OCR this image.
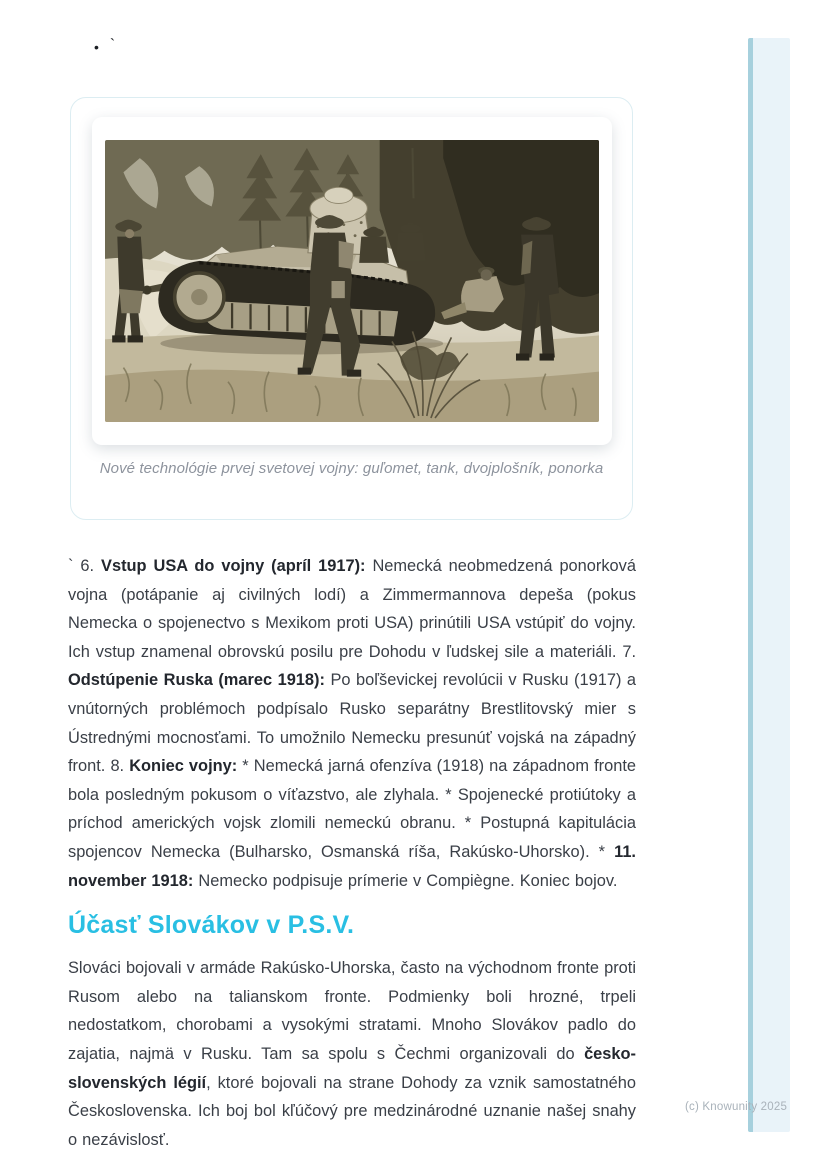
• `
Nové technológie prvej svetovej vojny: guľomet, tank, dvojplošník, ponorka

` 6. Vstup USA do vojny (apríl 1917): Nemecká neobmedzená ponorková vojna (potápanie aj civilných lodí) a Zimmermannova depeša (pokus Nemecka o spojenectvo s Mexikom proti USA) prinútili USA vstúpiť do vojny. Ich vstup znamenal obrovskú posilu pre Dohodu v ľudskej sile a materiáli. 7. Odstúpenie Ruska (marec 1918): Po boľševickej revolúcii v Rusku (1917) a vnútorných problémoch podpísalo Rusko separátny Brestlitovský mier s Ústrednými mocnosťami. To umožnilo Nemecku presunúť vojská na západný front. 8. Koniec vojny: * Nemecká jarná ofenzíva (1918) na západnom fronte bola posledným pokusom o víťazstvo, ale zlyhala. * Spojenecké protiútoky a príchod amerických vojsk zlomili nemeckú obranu. * Postupná kapitulácia spojencov Nemecka (Bulharsko, Osmanská ríša, Rakúsko-Uhorsko). * 11. november 1918: Nemecko podpisuje prímerie v Compiègne. Koniec bojov.

Účasť Slovákov v P.S.V.

Slováci bojovali v armáde Rakúsko-Uhorska, často na východnom fronte proti Rusom alebo na talianskom fronte. Podmienky boli hrozné, trpeli nedostatkom, chorobami a vysokými stratami. Mnoho Slovákov padlo do zajatia, najmä v Rusku. Tam sa spolu s Čechmi organizovali do česko-slovenských légií, ktoré bojovali na strane Dohody za vznik samostatného Československa. Ich boj bol kľúčový pre medzinárodné uznanie našej snahy o nezávislosť.

(c) Knowunity 2025
